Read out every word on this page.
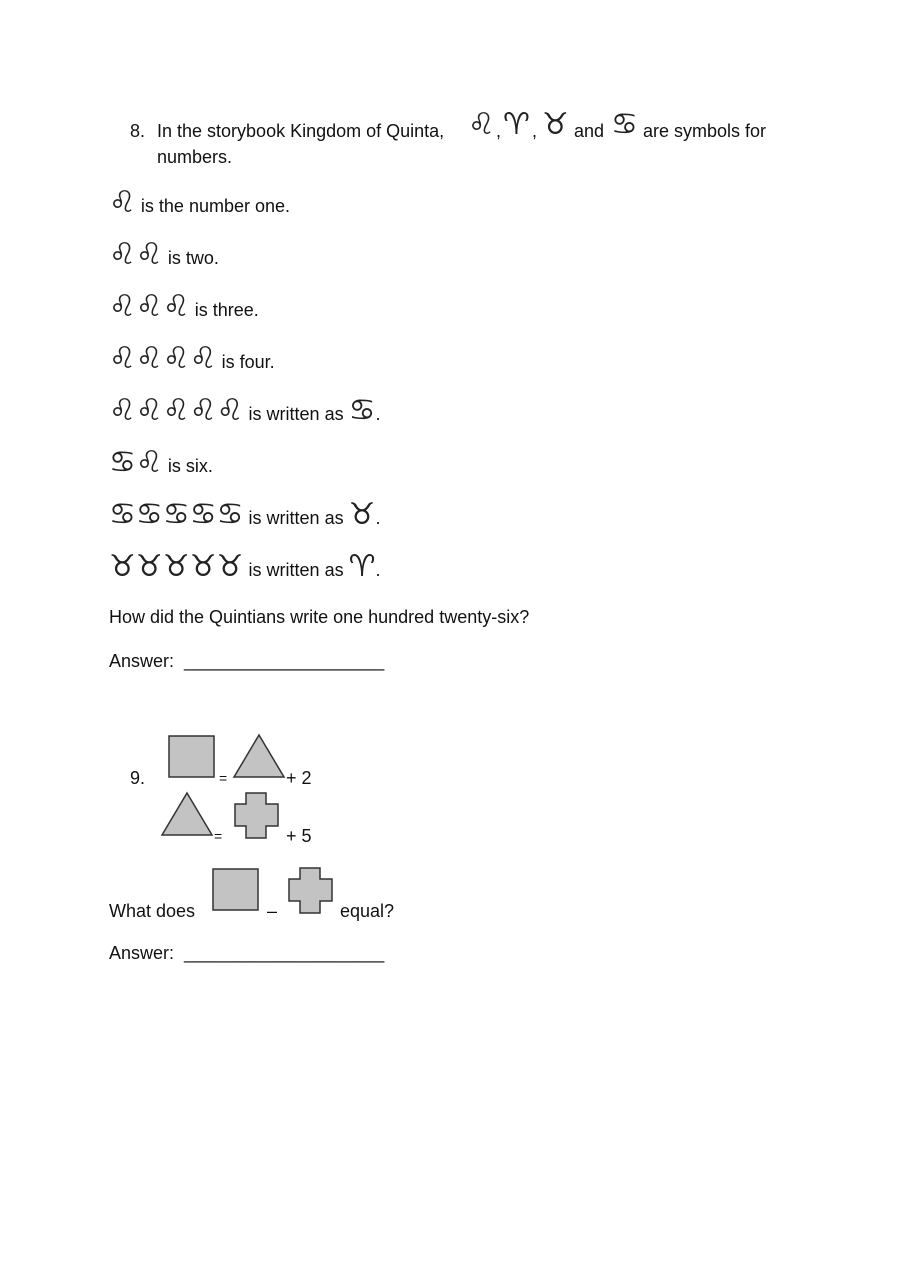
8. In the storybook Kingdom of Quinta, ♌ , ♈ , ♉ and ♋ are symbols for
numbers.
♌ is the number one.
♌♌ is two.
♌♌♌ is three.
♌♌♌♌ is four.
♌♌♌♌♌ is written as ♋.
♋♌ is six.
♋♋♋♋♋ is written as ♉.
♉♉♉♉♉ is written as ♈.
How did the Quintians write one hundred twenty-six?
Answer: ____________________
9.	=	+ 2
=	+ 5
What does	–	equal?
Answer: ____________________
